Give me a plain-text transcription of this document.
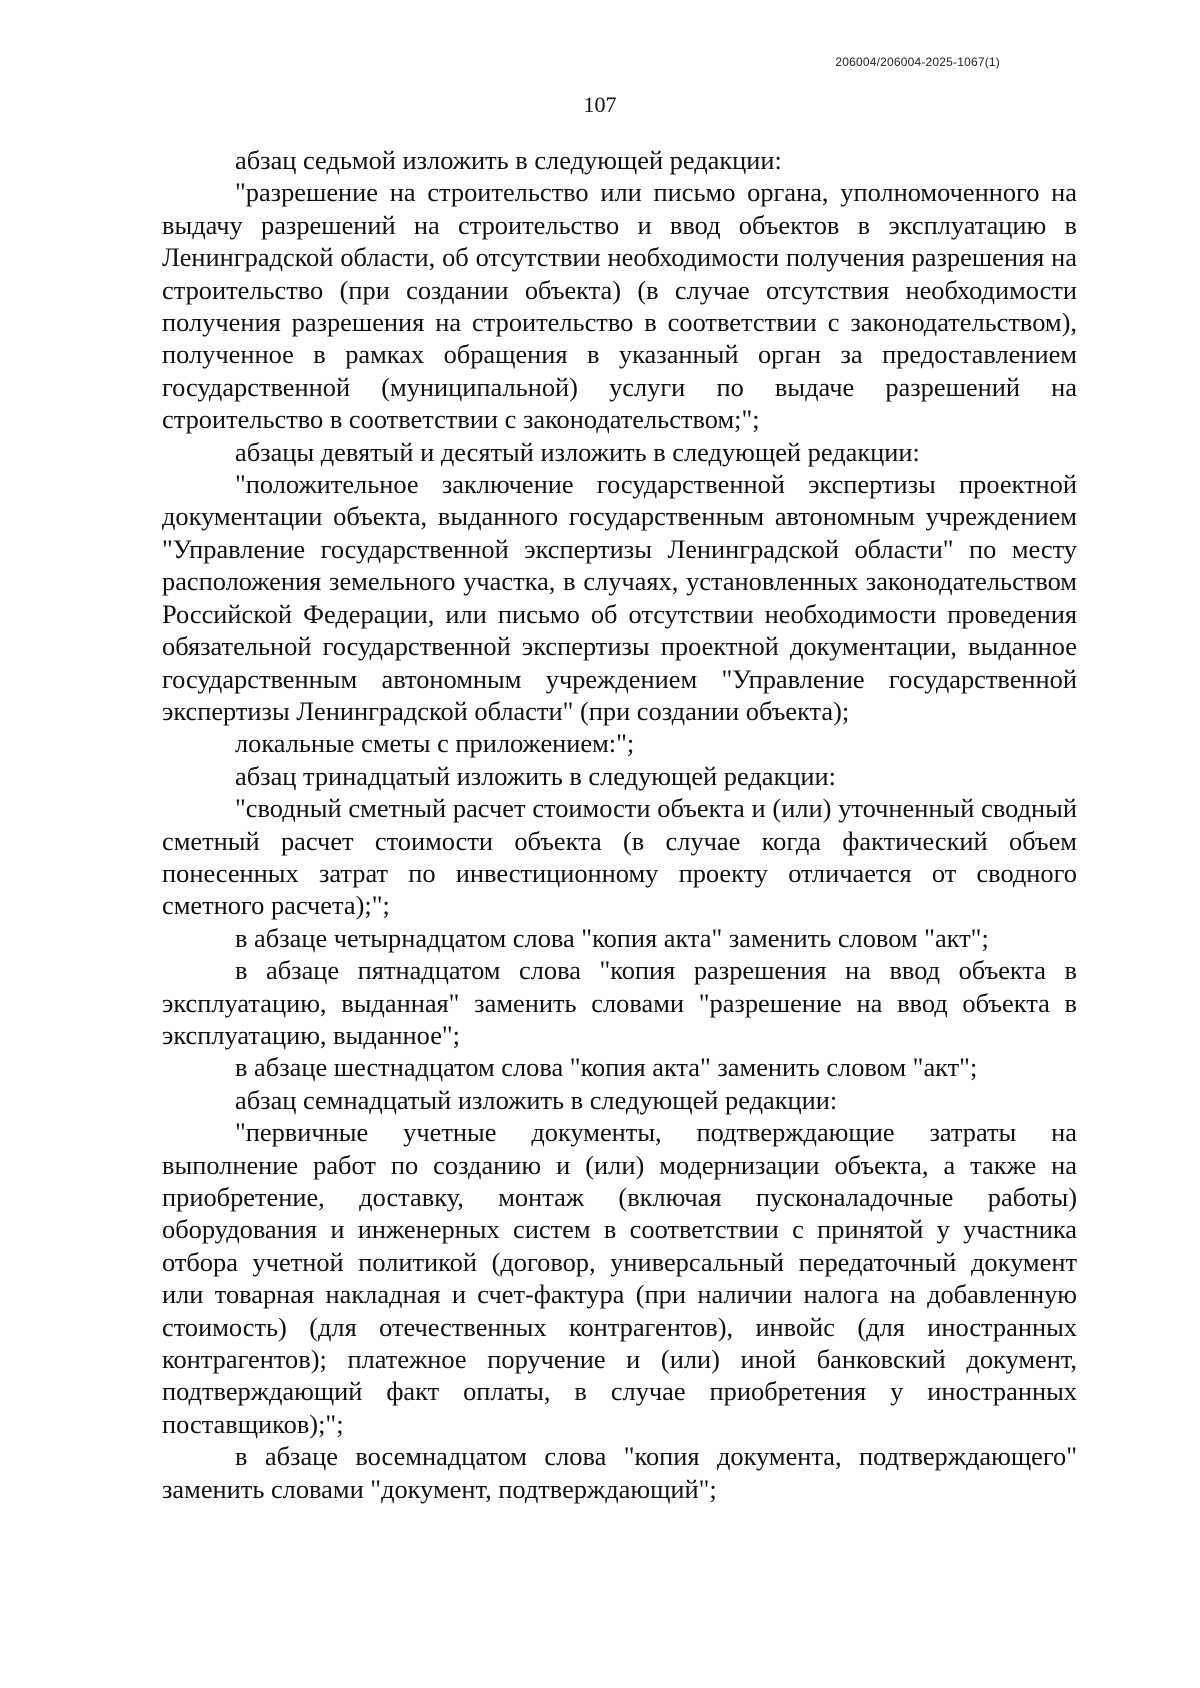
206004/206004-2025-1067(1)
107

абзац седьмой изложить в следующей редакции:

"разрешение на строительство или письмо органа, уполномоченного на выдачу разрешений на строительство и ввод объектов в эксплуатацию в Ленинградской области, об отсутствии необходимости получения разрешения на строительство (при создании объекта) (в случае отсутствия необходимости получения разрешения на строительство в соответствии с законодательством), полученное в рамках обращения в указанный орган за предоставлением государственной (муниципальной) услуги по выдаче разрешений на строительство в соответствии с законодательством;";

абзацы девятый и десятый изложить в следующей редакции:

"положительное заключение государственной экспертизы проектной документации объекта, выданного государственным автономным учреждением "Управление государственной экспертизы Ленинградской области" по месту расположения земельного участка, в случаях, установленных законодательством Российской Федерации, или письмо об отсутствии необходимости проведения обязательной государственной экспертизы проектной документации, выданное государственным автономным учреждением "Управление государственной экспертизы Ленинградской области" (при создании объекта);

локальные сметы с приложением:";

абзац тринадцатый изложить в следующей редакции:

"сводный сметный расчет стоимости объекта и (или) уточненный сводный сметный расчет стоимости объекта (в случае когда фактический объем понесенных затрат по инвестиционному проекту отличается от сводного сметного расчета);";

в абзаце четырнадцатом слова "копия акта" заменить словом "акт";

в абзаце пятнадцатом слова "копия разрешения на ввод объекта в эксплуатацию, выданная" заменить словами "разрешение на ввод объекта в эксплуатацию, выданное";

в абзаце шестнадцатом слова "копия акта" заменить словом "акт";

абзац семнадцатый изложить в следующей редакции:

"первичные учетные документы, подтверждающие затраты на выполнение работ по созданию и (или) модернизации объекта, а также на приобретение, доставку, монтаж (включая пусконаладочные работы) оборудования и инженерных систем в соответствии с принятой у участника отбора учетной политикой (договор, универсальный передаточный документ или товарная накладная и счет-фактура (при наличии налога на добавленную стоимость) (для отечественных контрагентов), инвойс (для иностранных контрагентов); платежное поручение и (или) иной банковский документ, подтверждающий факт оплаты, в случае приобретения у иностранных поставщиков);";

в абзаце восемнадцатом слова "копия документа, подтверждающего" заменить словами "документ, подтверждающий";
